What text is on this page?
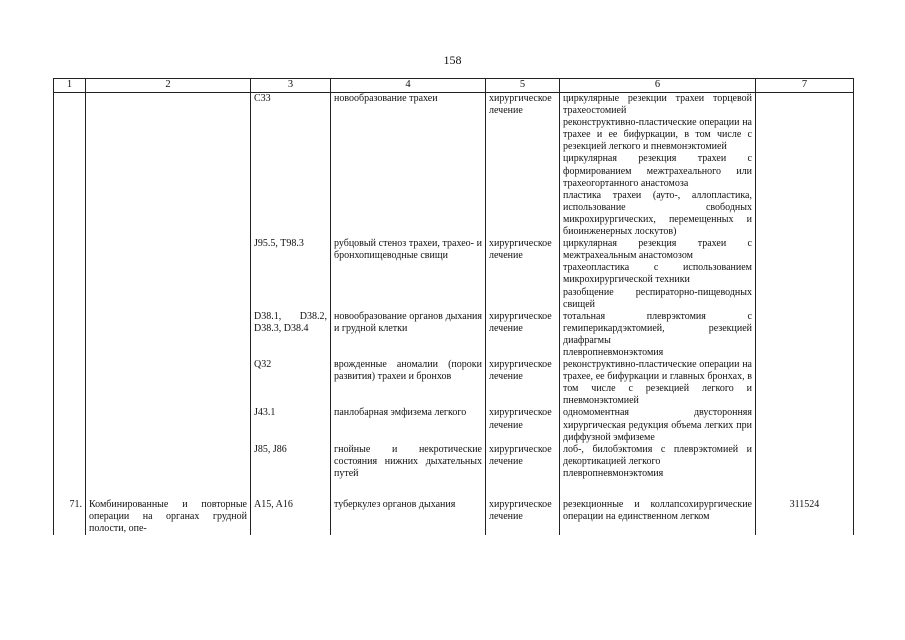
158
1	2	3	4	5	6	7
		C33	новообразование трахеи	хирургическое лечение	циркулярные резекции трахеи торцевой трахеостомией

реконструктивно-пластические операции на трахее и ее бифуркации, в том числе с резекцией легкого и пневмонэктомией

циркулярная резекция трахеи с формированием межтрахеального или трахеогортанного анастомоза

пластика трахеи (ауто-, аллопластика, использование свободных микрохирургических, перемещенных и биоинженерных лоскутов)	

		J95.5, T98.3	рубцовый стеноз трахеи, трахео- и бронхопищеводные свищи	хирургическое лечение	циркулярная резекция трахеи с межтрахеальным анастомозом

трахеопластика с использованием микрохирургической техники

разобщение респираторно-пищеводных свищей	

		D38.1, D38.2, D38.3, D38.4	новообразование органов дыхания и грудной клетки	хирургическое лечение	тотальная плеврэктомия с гемиперикардэктомией, резекцией диафрагмы

плевропневмонэктомия	

		Q32	врожденные аномалии (пороки развития) трахеи и бронхов	хирургическое лечение	реконструктивно-пластические операции на трахее, ее бифуркации и главных бронхах, в том числе с резекцией легкого и пневмонэктомией	

		J43.1	панлобарная эмфизема легкого	хирургическое лечение	одномоментная двусторонняя хирургическая редукция объема легких при диффузной эмфиземе	

		J85, J86	гнойные и некротические состояния нижних дыхательных путей	хирургическое лечение	лоб-, билобэктомия с плеврэктомией и декортикацией легкого

плевропневмонэктомия	

71.	Комбинированные и повторные операции на органах грудной полости, опе-	A15, A16	туберкулез органов дыхания	хирургическое лечение	резекционные и коллапсохирургические операции на единственном легком	311524
